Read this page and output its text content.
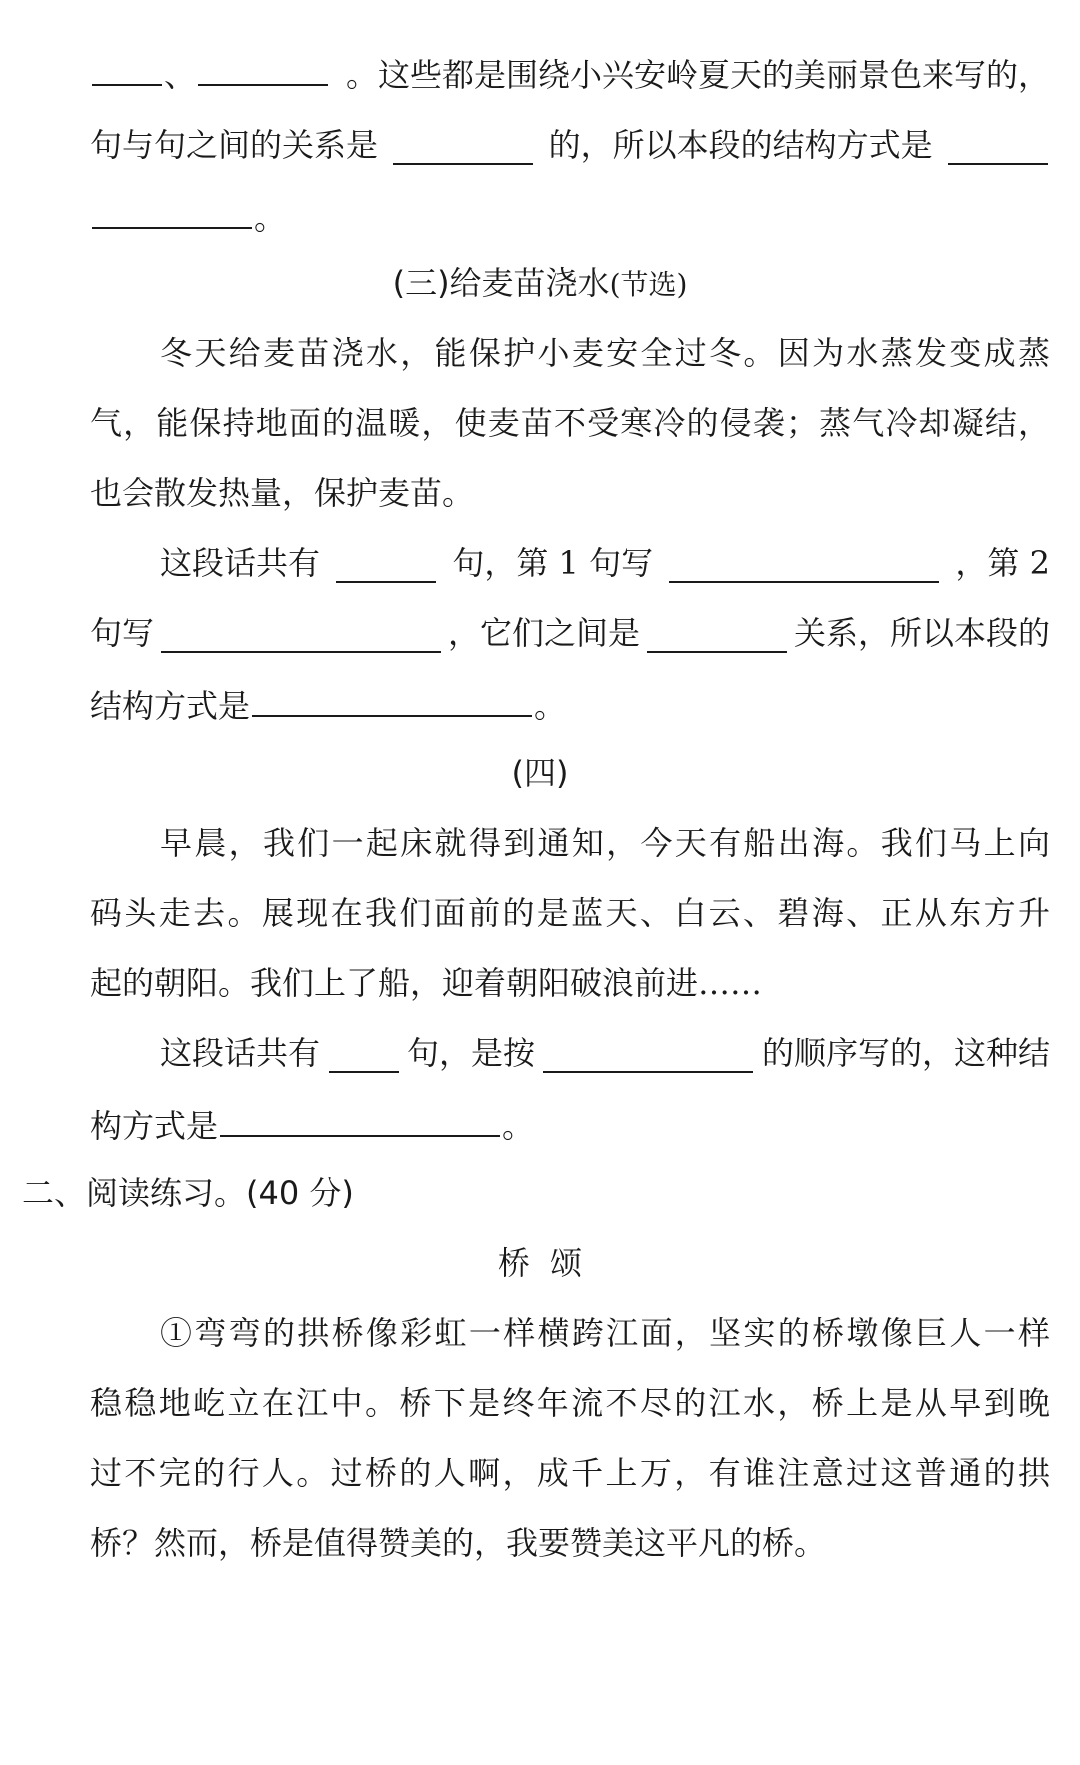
、	。这些都是围绕小兴安岭夏天的美丽景色来写的，
句与句之间的关系是	的，所以本段的结构方式是
。
(三)给麦苗浇水(节选)
冬天给麦苗浇水，能保护小麦安全过冬。因为水蒸发变成蒸
气，能保持地面的温暖，使麦苗不受寒冷的侵袭；蒸气冷却凝结，
也会散发热量，保护麦苗。
这段话共有	句，第 1 句写	，第 2
句写	，它们之间是	关系，所以本段的
结构方式是	。
(四)
早晨，我们一起床就得到通知，今天有船出海。我们马上向
码头走去。展现在我们面前的是蓝天、白云、碧海、正从东方升
起的朝阳。我们上了船，迎着朝阳破浪前进……
这段话共有	句，是按	的顺序写的，这种结
构方式是	。
二、阅读练习。(40 分)
桥  颂
①弯弯的拱桥像彩虹一样横跨江面，坚实的桥墩像巨人一样
稳稳地屹立在江中。桥下是终年流不尽的江水，桥上是从早到晚
过不完的行人。过桥的人啊，成千上万，有谁注意过这普通的拱
桥？然而，桥是值得赞美的，我要赞美这平凡的桥。
